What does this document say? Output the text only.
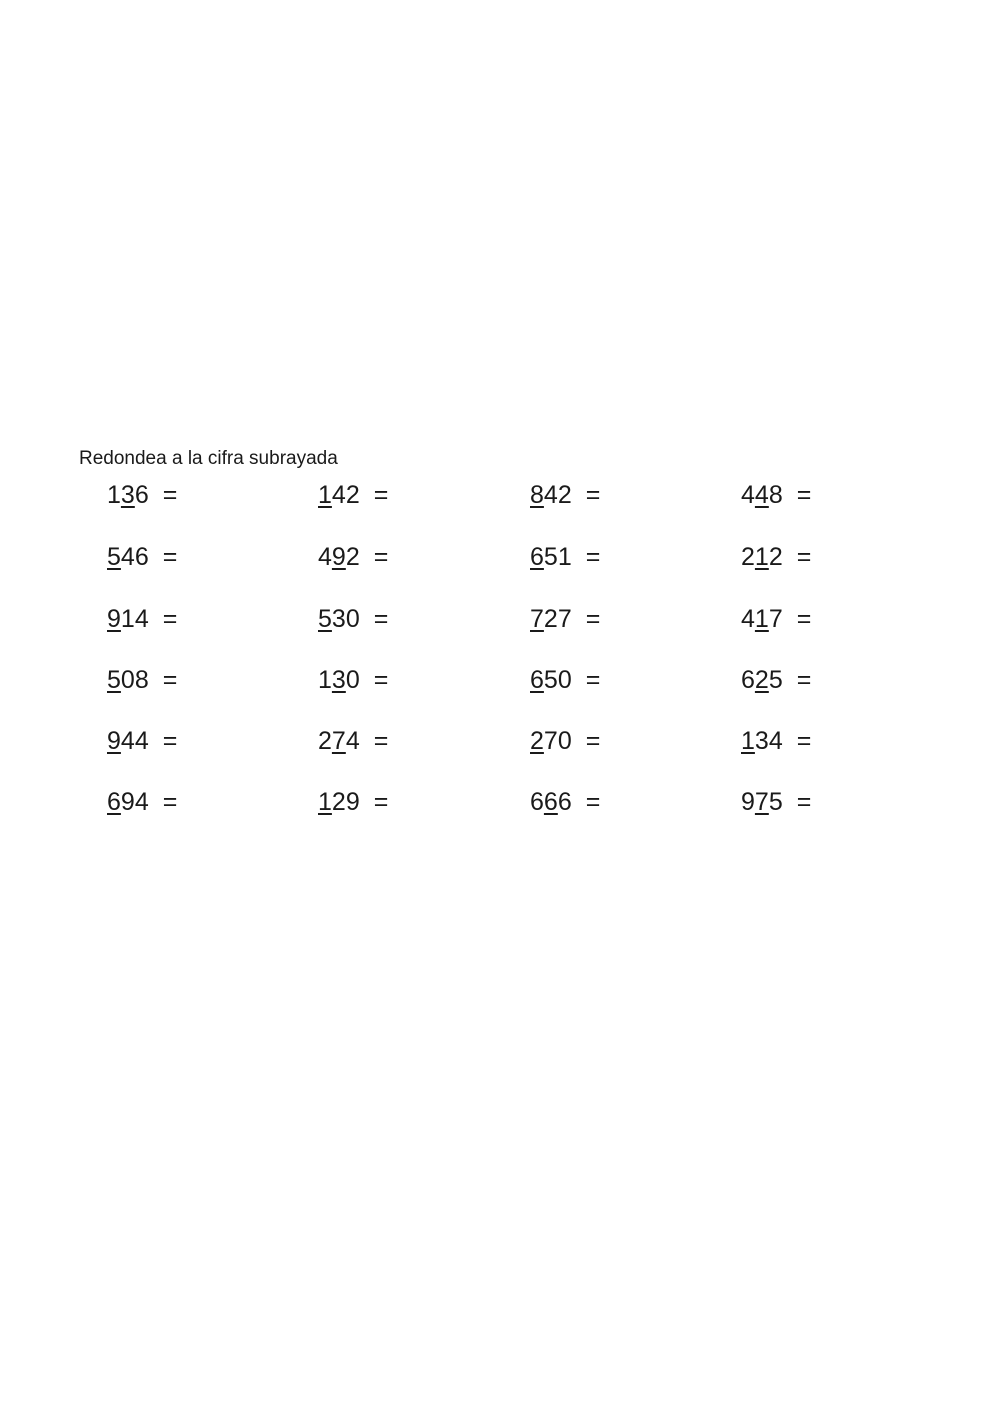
Redondea a la cifra subrayada
136 =	142 =	842 =	448 =
546 =	492 =	651 =	212 =
914 =	530 =	727 =	417 =
508 =	130 =	650 =	625 =
944 =	274 =	270 =	134 =
694 =	129 =	666 =	975 =
